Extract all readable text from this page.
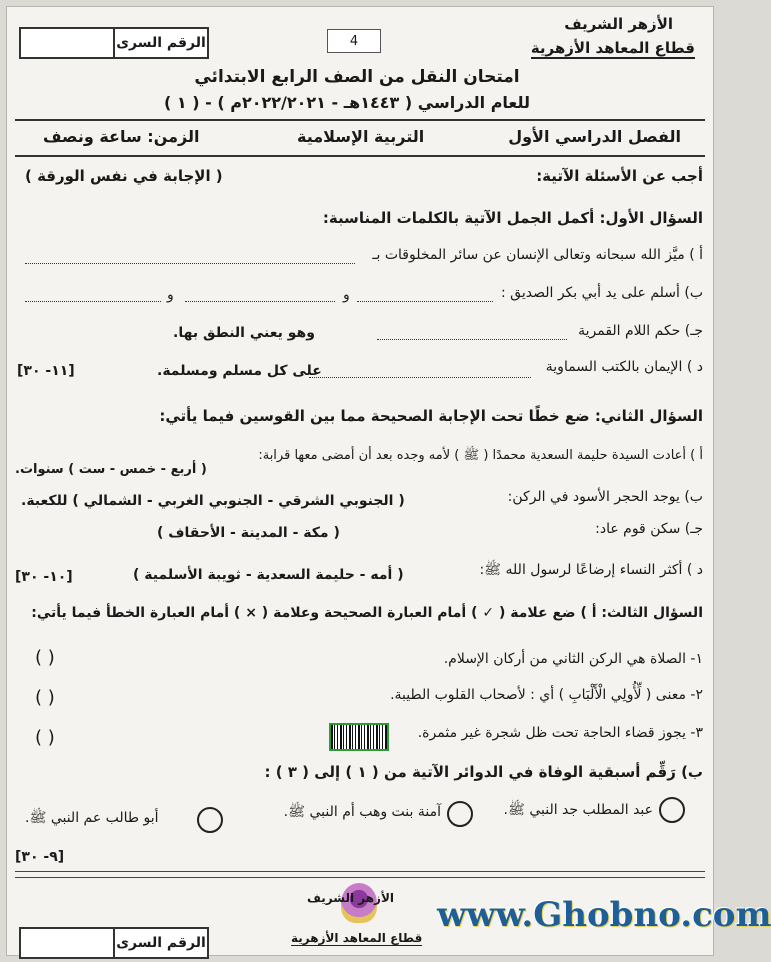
الأزهر الشريف
قطاع المعاهد الأزهرية
الرقم السرى	4
امتحان النقل من الصف الرابع الابتدائي
للعام الدراسي ( ١٤٤٣هـ - ٢٠٢٢/٢٠٢١م ) - ( ١ )
الفصل الدراسي الأول
التربية الإسلامية
الزمن: ساعة ونصف
أجب عن الأسئلة الآتية:
( الإجابة في نفس الورقة )
السؤال الأول: أكمل الجمل الآتية بالكلمات المناسبة:
أ ) ميَّز الله سبحانه وتعالى الإنسان عن سائر المخلوقات بـ
ب) أسلم على يد أبي بكر الصديق :
و
و
جـ) حكم اللام القمرية
وهو يعني النطق بها.
د ) الإيمان بالكتب السماوية
على كل مسلم ومسلمة.
[١١- ٣٠]
السؤال الثاني: ضع خطًا تحت الإجابة الصحيحة مما بين القوسين فيما يأتي:
أ ) أعادت السيدة حليمة السعدية محمدًا ( ﷺ ) لأمه وجده بعد أن أمضى معها قرابة:
( أربع - خمس - ست ) سنوات.
ب) يوجد الحجر الأسود في الركن:
( الجنوبي الشرقي - الجنوبي الغربي - الشمالي ) للكعبة.
جـ) سكن قوم عاد:
( مكة - المدينة - الأحقاف )
د ) أكثر النساء إرضاعًا لرسول الله ﷺ:
( أمه - حليمة السعدية - ثويبة الأسلمية )
[١٠- ٣٠]
السؤال الثالث: أ ) ضع علامة ( ✓ ) أمام العبارة الصحيحة وعلامة ( × ) أمام العبارة الخطأ فيما يأتي:
١- الصلاة هي الركن الثاني من أركان الإسلام.
( )
٢- معنى ( لِّأُولِي الْأَلْبَابِ ) أي : لأصحاب القلوب الطيبة.
( )
٣- يجوز قضاء الحاجة تحت ظل شجرة غير مثمرة.
( )
ب) رَقِّم أسبقية الوفاة في الدوائر الآتية من ( ١ ) إلى ( ٣ ) :
عبد المطلب جد النبي ﷺ.
آمنة بنت وهب أم النبي ﷺ.
أبو طالب عم النبي ﷺ.
[٩- ٣٠]
الرقم السرى
الأزهر الشريف
قطاع المعاهد الأزهرية
www.Ghobno.com
